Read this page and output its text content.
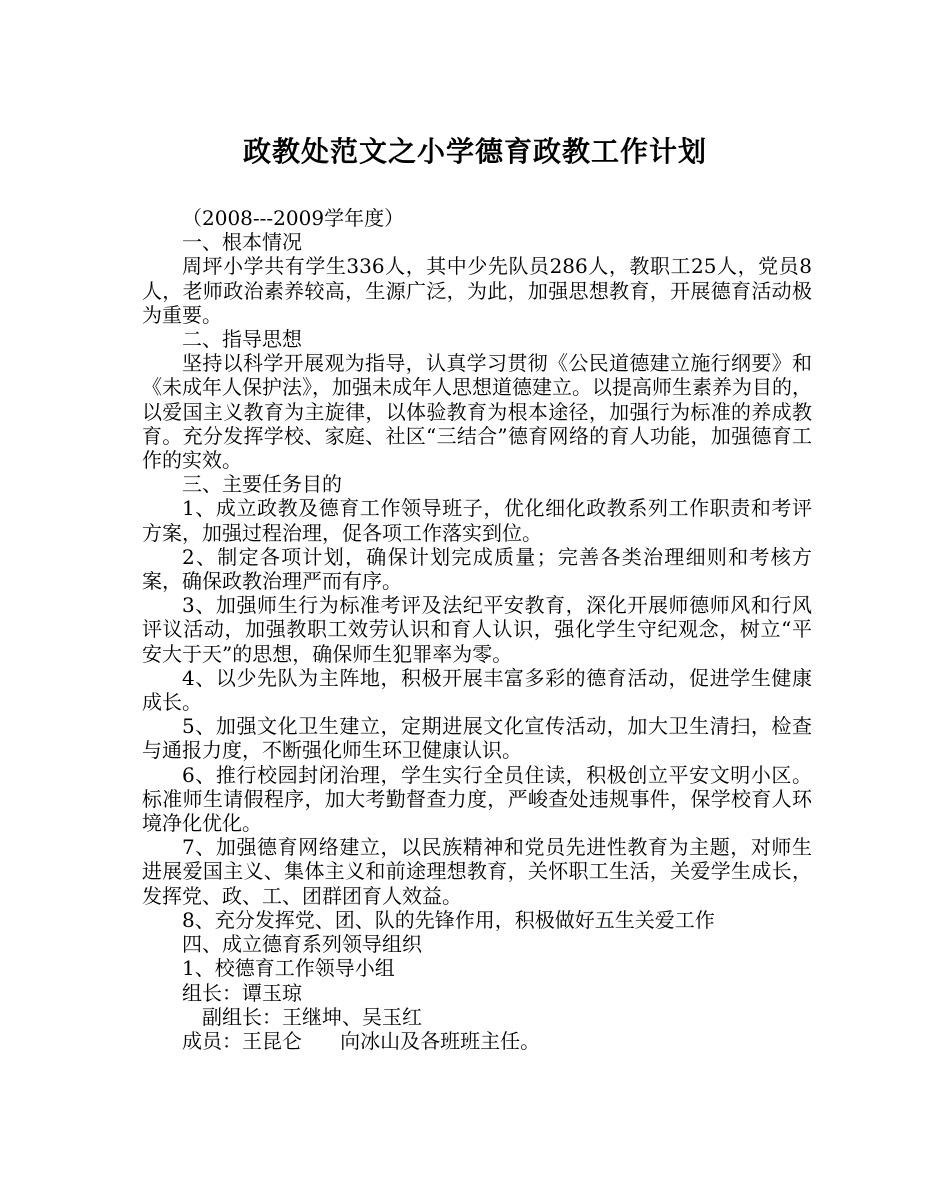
政教处范文之小学德育政教工作计划

（2008---2009学年度）

一、根本情况

周坪小学共有学生336人，其中少先队员286人，教职工25人，党员8人，老师政治素养较高，生源广泛，为此，加强思想教育，开展德育活动极为重要。

二、指导思想

坚持以科学开展观为指导，认真学习贯彻《公民道德建立施行纲要》和《未成年人保护法》，加强未成年人思想道德建立。以提高师生素养为目的，以爱国主义教育为主旋律，以体验教育为根本途径，加强行为标准的养成教育。充分发挥学校、家庭、社区“三结合”德育网络的育人功能，加强德育工作的实效。

三、主要任务目的

1、成立政教及德育工作领导班子，优化细化政教系列工作职责和考评方案，加强过程治理，促各项工作落实到位。

2、制定各项计划，确保计划完成质量；完善各类治理细则和考核方案，确保政教治理严而有序。

3、加强师生行为标准考评及法纪平安教育，深化开展师德师风和行风评议活动，加强教职工效劳认识和育人认识，强化学生守纪观念，树立“平安大于天”的思想，确保师生犯罪率为零。

4、以少先队为主阵地，积极开展丰富多彩的德育活动，促进学生健康成长。

5、加强文化卫生建立，定期进展文化宣传活动，加大卫生清扫，检查与通报力度，不断强化师生环卫健康认识。

6、推行校园封闭治理，学生实行全员住读，积极创立平安文明小区。标准师生请假程序，加大考勤督查力度，严峻查处违规事件，保学校育人环境净化优化。

7、加强德育网络建立，以民族精神和党员先进性教育为主题，对师生进展爱国主义、集体主义和前途理想教育，关怀职工生活，关爱学生成长，发挥党、政、工、团群团育人效益。

8、充分发挥党、团、队的先锋作用，积极做好五生关爱工作

四、成立德育系列领导组织

1、校德育工作领导小组

组长：谭玉琼

副组长：王继坤、吴玉红

成员：王昆仑      向冰山及各班班主任。
